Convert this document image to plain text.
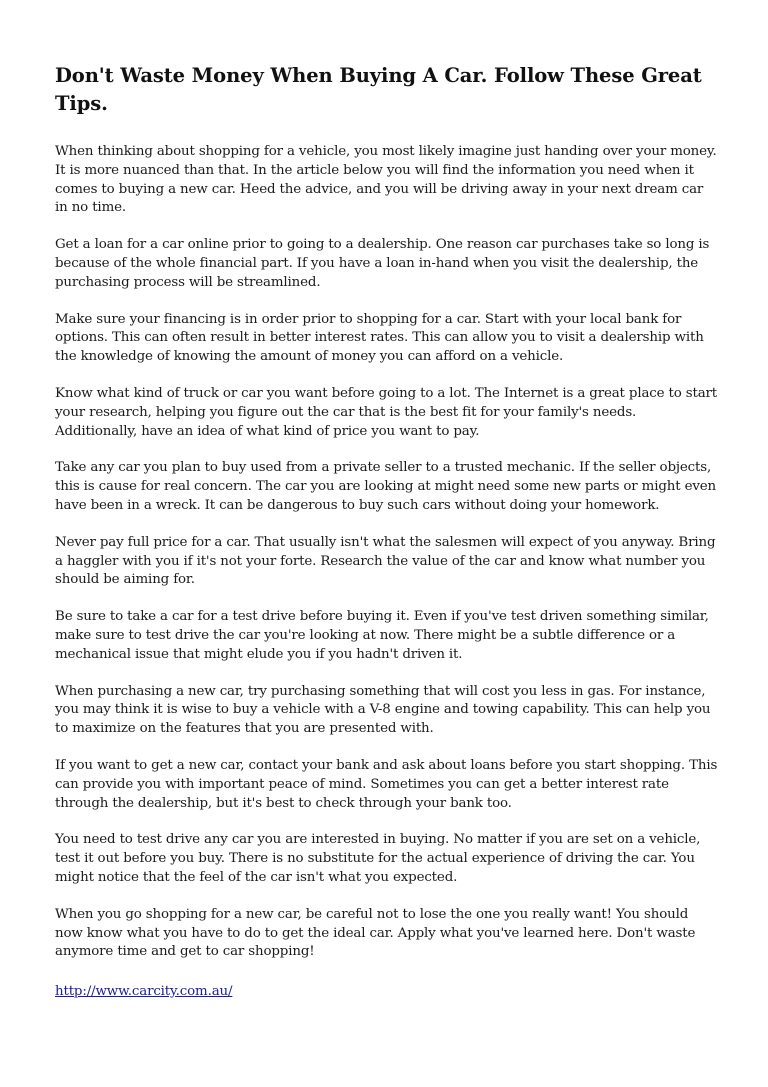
Don't Waste Money When Buying A Car. Follow These Great Tips.

When thinking about shopping for a vehicle, you most likely imagine just handing over your money. It is more nuanced than that. In the article below you will find the information you need when it comes to buying a new car. Heed the advice, and you will be driving away in your next dream car in no time.

Get a loan for a car online prior to going to a dealership. One reason car purchases take so long is because of the whole financial part. If you have a loan in-hand when you visit the dealership, the purchasing process will be streamlined.

Make sure your financing is in order prior to shopping for a car. Start with your local bank for options. This can often result in better interest rates. This can allow you to visit a dealership with the knowledge of knowing the amount of money you can afford on a vehicle.

Know what kind of truck or car you want before going to a lot. The Internet is a great place to start your research, helping you figure out the car that is the best fit for your family's needs. Additionally, have an idea of what kind of price you want to pay.

Take any car you plan to buy used from a private seller to a trusted mechanic. If the seller objects, this is cause for real concern. The car you are looking at might need some new parts or might even have been in a wreck. It can be dangerous to buy such cars without doing your homework.

Never pay full price for a car. That usually isn't what the salesmen will expect of you anyway. Bring a haggler with you if it's not your forte. Research the value of the car and know what number you should be aiming for.

Be sure to take a car for a test drive before buying it. Even if you've test driven something similar, make sure to test drive the car you're looking at now. There might be a subtle difference or a mechanical issue that might elude you if you hadn't driven it.

When purchasing a new car, try purchasing something that will cost you less in gas. For instance, you may think it is wise to buy a vehicle with a V-8 engine and towing capability. This can help you to maximize on the features that you are presented with.

If you want to get a new car, contact your bank and ask about loans before you start shopping. This can provide you with important peace of mind. Sometimes you can get a better interest rate through the dealership, but it's best to check through your bank too.

You need to test drive any car you are interested in buying. No matter if you are set on a vehicle, test it out before you buy. There is no substitute for the actual experience of driving the car. You might notice that the feel of the car isn't what you expected.

When you go shopping for a new car, be careful not to lose the one you really want! You should now know what you have to do to get the ideal car. Apply what you've learned here. Don't waste anymore time and get to car shopping!

http://www.carcity.com.au/
